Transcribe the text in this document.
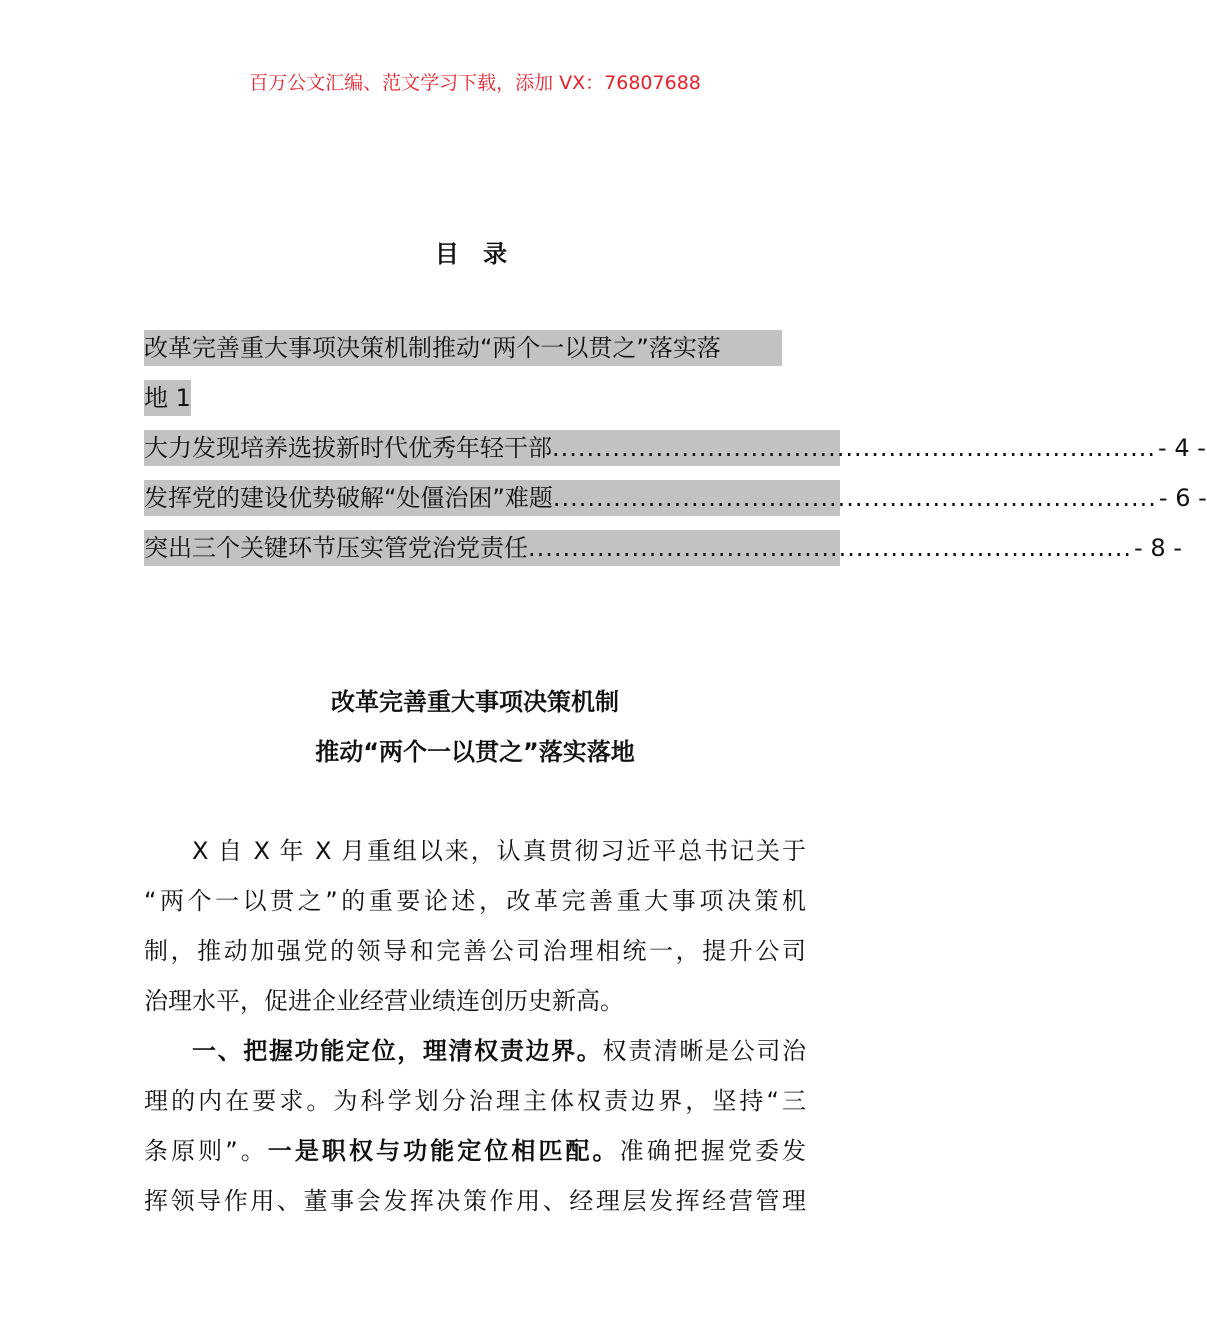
百万公文汇编、范文学习下载，添加 VX：76807688
目 录
改革完善重大事项决策机制推动“两个一以贯之”落实落
地 1
大力发现培养选拔新时代优秀年轻干部 ...................................................................... - 4 -
发挥党的建设优势破解“处僵治困”难题 ...................................................................... - 6 -
突出三个关键环节压实管党治党责任 ...................................................................... - 8 -
改革完善重大事项决策机制
推动“两个一以贯之”落实落地
X 自 X 年 X 月重组以来，认真贯彻习近平总书记关于
“两个一以贯之”的重要论述，改革完善重大事项决策机
制，推动加强党的领导和完善公司治理相统一，提升公司
治理水平，促进企业经营业绩连创历史新高。
一、把握功能定位，理清权责边界。权责清晰是公司治
理的内在要求。为科学划分治理主体权责边界，坚持“三
条原则”。一是职权与功能定位相匹配。准确把握党委发
挥领导作用、董事会发挥决策作用、经理层发挥经营管理
